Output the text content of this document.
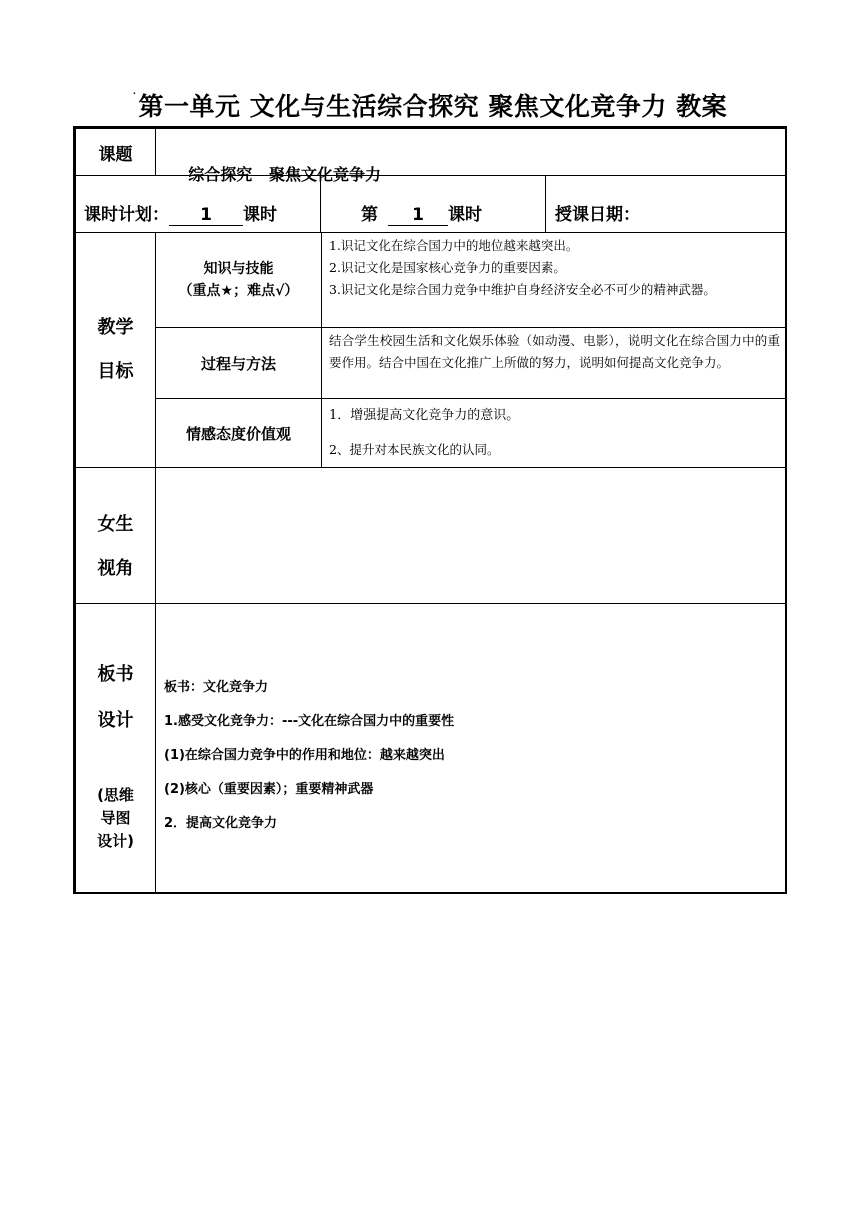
.第一单元 文化与生活综合探究 聚焦文化竞争力 教案
课题

综合探究   聚焦文化竞争力

课时计划： 1 课时	第 1 课时	授课日期：
教学
目标
知识与技能
（重点★；难点√）
1.识记文化在综合国力中的地位越来越突出。
2.识记文化是国家核心竞争力的重要因素。
3.识记文化是综合国力竞争中维护自身经济安全必不可少的精神武器。
过程与方法
结合学生校园生活和文化娱乐体验（如动漫、电影），说明文化在综合国力中的重要作用。结合中国在文化推广上所做的努力，说明如何提高文化竞争力。
情感态度价值观
1．增强提高文化竞争力的意识。
2、提升对本民族文化的认同。
女生
视角
板书
设计
(思维
导图
设计)
板书：文化竞争力
1.感受文化竞争力：---文化在综合国力中的重要性
(1)在综合国力竞争中的作用和地位：越来越突出
(2)核心（重要因素）；重要精神武器
2．提高文化竞争力
